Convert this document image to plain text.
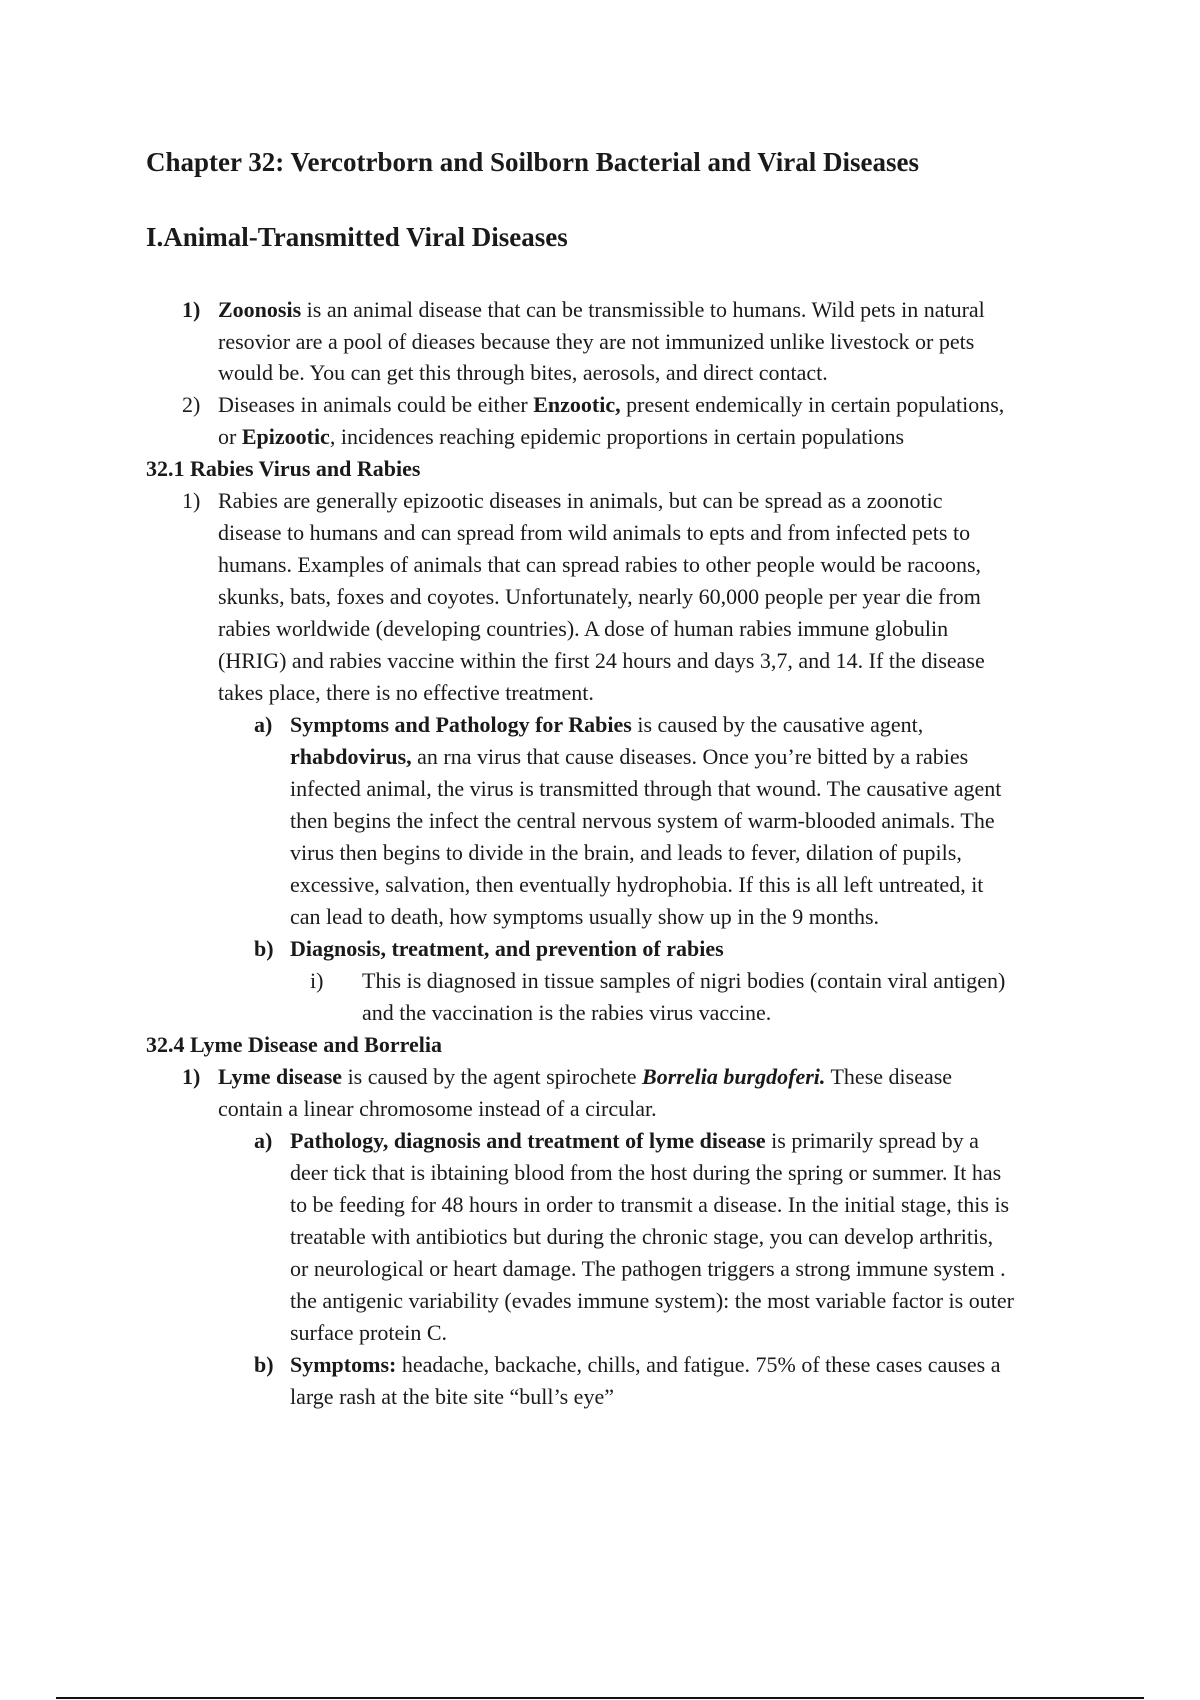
Chapter 32: Vercotrborn and Soilborn Bacterial and Viral Diseases
I.Animal-Transmitted Viral Diseases
1) Zoonosis is an animal disease that can be transmissible to humans. Wild pets in natural
resovior are a pool of dieases because they are not immunized unlike livestock or pets
would be. You can get this through bites, aerosols, and direct contact.
2) Diseases in animals could be either Enzootic, present endemically in certain populations,
or Epizootic, incidences reaching epidemic proportions in certain populations
32.1 Rabies Virus and Rabies
1) Rabies are generally epizootic diseases in animals, but can be spread as a zoonotic
disease to humans and can spread from wild animals to epts and from infected pets to
humans. Examples of animals that can spread rabies to other people would be racoons,
skunks, bats, foxes and coyotes. Unfortunately, nearly 60,000 people per year die from
rabies worldwide (developing countries). A dose of human rabies immune globulin
(HRIG) and rabies vaccine within the first 24 hours and days 3,7, and 14. If the disease
takes place, there is no effective treatment.
a) Symptoms and Pathology for Rabies is caused by the causative agent,
rhabdovirus, an rna virus that cause diseases. Once you’re bitted by a rabies
infected animal, the virus is transmitted through that wound. The causative agent
then begins the infect the central nervous system of warm-blooded animals. The
virus then begins to divide in the brain, and leads to fever, dilation of pupils,
excessive, salvation, then eventually hydrophobia. If this is all left untreated, it
can lead to death, how symptoms usually show up in the 9 months.
b) Diagnosis, treatment, and prevention of rabies
i) This is diagnosed in tissue samples of nigri bodies (contain viral antigen)
and the vaccination is the rabies virus vaccine.
32.4 Lyme Disease and Borrelia
1) Lyme disease is caused by the agent spirochete Borrelia burgdoferi. These disease
contain a linear chromosome instead of a circular.
a) Pathology, diagnosis and treatment of lyme disease is primarily spread by a
deer tick that is ibtaining blood from the host during the spring or summer. It has
to be feeding for 48 hours in order to transmit a disease. In the initial stage, this is
treatable with antibiotics but during the chronic stage, you can develop arthritis,
or neurological or heart damage. The pathogen triggers a strong immune system .
the antigenic variability (evades immune system): the most variable factor is outer
surface protein C.
b) Symptoms: headache, backache, chills, and fatigue. 75% of these cases causes a
large rash at the bite site “bull’s eye”
